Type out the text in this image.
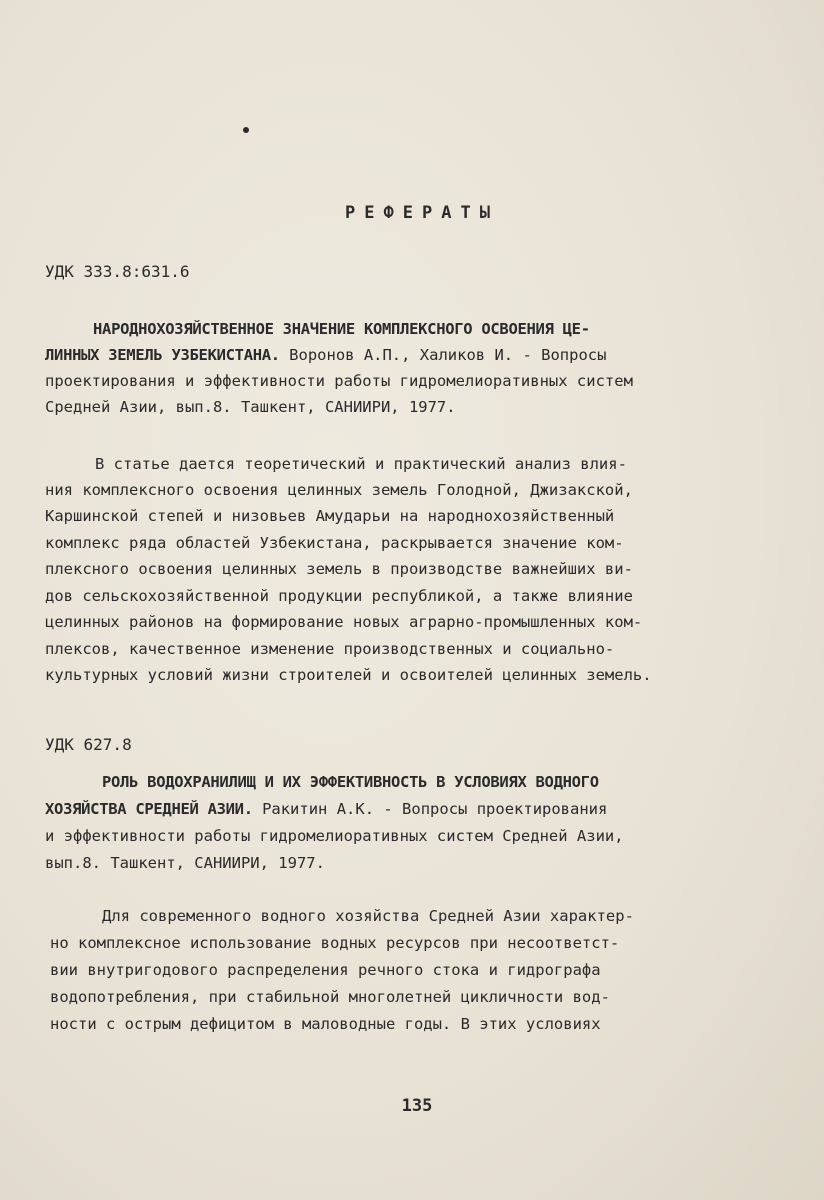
РЕФЕРАТЫ
УДК 333.8:631.6
НАРОДНОХОЗЯЙСТВЕННОЕ ЗНАЧЕНИЕ КОМПЛЕКСНОГО ОСВОЕНИЯ ЦЕ-
ЛИННЫХ ЗЕМЕЛЬ УЗБЕКИСТАНА. Воронов А.П., Халиков И. - Вопросы
проектирования и эффективности работы гидромелиоративных систем
Средней Азии, вып.8. Ташкент, САНИИРИ, 1977.
В статье дается теоретический и практический анализ влия-
ния комплексного освоения целинных земель Голодной, Джизакской,
Каршинской степей и низовьев Амударьи на народнохозяйственный
комплекс ряда областей Узбекистана, раскрывается значение ком-
плексного освоения целинных земель в производстве важнейших ви-
дов сельскохозяйственной продукции республикой, а также влияние
целинных районов на формирование новых аграрно-промышленных ком-
плексов, качественное изменение производственных и социально-
культурных условий жизни строителей и освоителей целинных земель.
УДК 627.8
РОЛЬ ВОДОХРАНИЛИЩ И ИХ ЭФФЕКТИВНОСТЬ В УСЛОВИЯХ ВОДНОГО
ХОЗЯЙСТВА СРЕДНЕЙ АЗИИ. Ракитин А.К. - Вопросы проектирования
и эффективности работы гидромелиоративных систем Средней Азии,
вып.8. Ташкент, САНИИРИ, 1977.
Для современного водного хозяйства Средней Азии характер-
но комплексное использование водных ресурсов при несоответст-
вии внутригодового распределения речного стока и гидрографа
водопотребления, при стабильной многолетней цикличности вод-
ности с острым дефицитом в маловодные годы. В этих условиях
135
